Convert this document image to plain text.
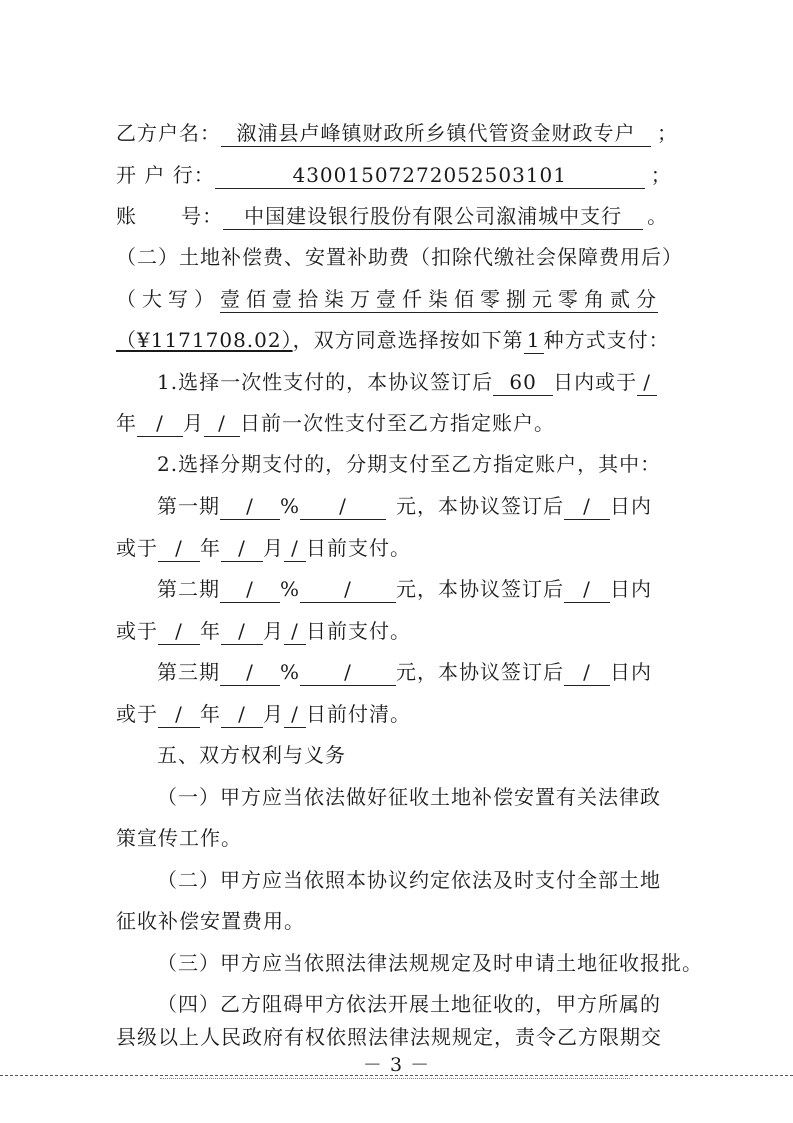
乙方户名： 溆浦县卢峰镇财政所乡镇代管资金财政专户 ；
开 户 行：	43001507272052503101	；
账      号： 中国建设银行股份有限公司溆浦城中支行 。
（二）土地补偿费、安置补助费（扣除代缴社会保障费用后）
（大写）壹佰壹拾柒万壹仟柒佰零捌元零角贰分
（¥1171708.02），双方同意选择按如下第 1 种方式支付：
1.选择一次性支付的，本协议签订后 60 日内或于 /
年 / 月 / 日前一次性支付至乙方指定账户。
2.选择分期支付的，分期支付至乙方指定账户，其中：
第一期 / % / 元，本协议签订后 / 日内
或于 / 年 / 月 / 日前支付。
第二期 / % / 元，本协议签订后 / 日内
或于 / 年 / 月 / 日前支付。
第三期 / % / 元，本协议签订后 / 日内
或于 / 年 / 月 / 日前付清。
五、双方权利与义务
（一）甲方应当依法做好征收土地补偿安置有关法律政
策宣传工作。
（二）甲方应当依照本协议约定依法及时支付全部土地
征收补偿安置费用。
（三）甲方应当依照法律法规规定及时申请土地征收报批。
（四）乙方阻碍甲方依法开展土地征收的，甲方所属的
县级以上人民政府有权依照法律法规规定，责令乙方限期交
－ 3 －
